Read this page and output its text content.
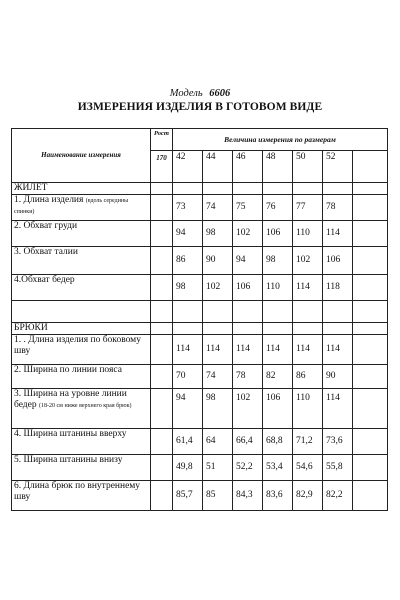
Модель 6606
ИЗМЕРЕНИЯ ИЗДЕЛИЯ В ГОТОВОМ ВИДЕ
Наименование измерения	Рост	Величина измерения по размерам						
	170	42	44	46	48	50	52	
ЖИЛЕТ								
1. Длина изделия (вдоль середины спинки)		73	74	75	76	77	78	
2. Обхват груди		94	98	102	106	110	114	
3. Обхват талии		86	90	94	98	102	106	
4.Обхват бедер		98	102	106	110	114	118	

БРЮКИ								
1. . Длина изделия по боковому шву		114	114	114	114	114	114	
2. Ширина по линии пояса		70	74	78	82	86	90	
3. Ширина на уровне линии бедер (18-20 см ниже верхнего края брюк)		94	98	102	106	110	114	
4. Ширина штанины вверху		61,4	64	66,4	68,8	71,2	73,6	
5. Ширина штанины внизу		49,8	51	52,2	53,4	54,6	55,8	
6. Длина брюк по внутреннему шву		85,7	85	84,3	83,6	82,9	82,2	
